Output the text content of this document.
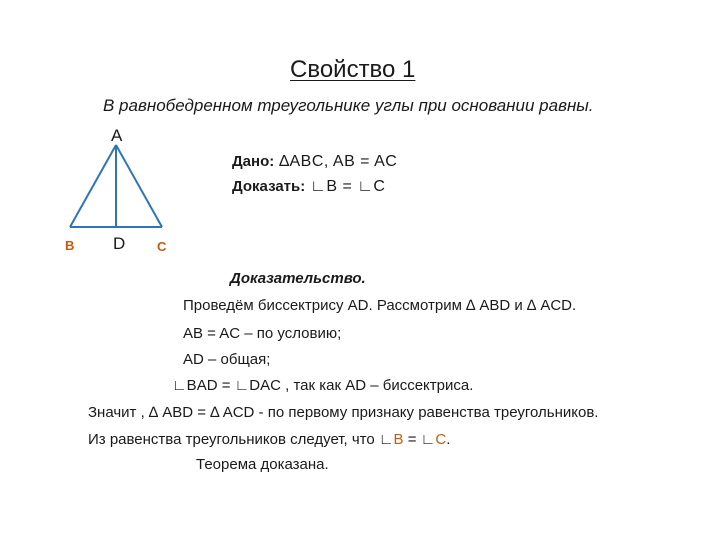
Свойство 1
В равнобедренном треугольнике углы при основании равны.
A
B D C
Дано: ∆ABC, AB = AC
Доказать: ∟B = ∟C
Доказательство.
Проведём биссектрису AD. Рассмотрим ∆ ABD и ∆ ACD.
AB = AC – по условию;
AD – общая;
∟BAD = ∟DAC , так как AD – биссектриса.
Значит , ∆ ABD = ∆ ACD - по первому признаку равенства треугольников.
Из равенства треугольников следует, что ∟B = ∟C.
Теорема доказана.
